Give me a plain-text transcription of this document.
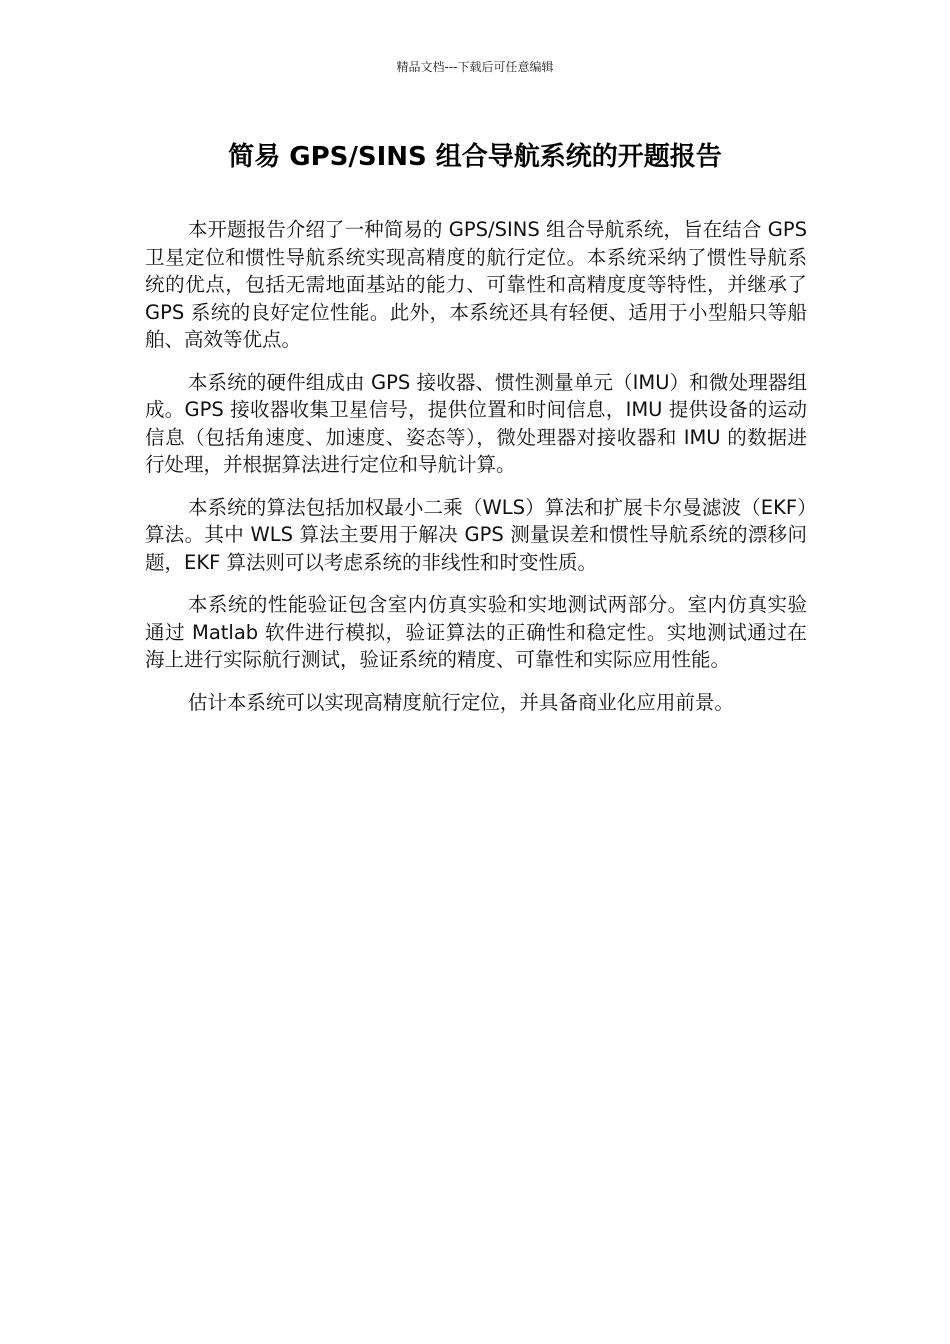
精品文档---下载后可任意编辑
简易 GPS/SINS 组合导航系统的开题报告

本开题报告介绍了一种简易的 GPS/SINS 组合导航系统，旨在结合 GPS 卫星定位和惯性导航系统实现高精度的航行定位。本系统采纳了惯性导航系统的优点，包括无需地面基站的能力、可靠性和高精度度等特性，并继承了 GPS 系统的良好定位性能。此外，本系统还具有轻便、适用于小型船只等船舶、高效等优点。

本系统的硬件组成由 GPS 接收器、惯性测量单元（IMU）和微处理器组成。GPS 接收器收集卫星信号，提供位置和时间信息，IMU 提供设备的运动信息（包括角速度、加速度、姿态等），微处理器对接收器和 IMU 的数据进行处理，并根据算法进行定位和导航计算。

本系统的算法包括加权最小二乘（WLS）算法和扩展卡尔曼滤波（EKF）算法。其中 WLS 算法主要用于解决 GPS 测量误差和惯性导航系统的漂移问题，EKF 算法则可以考虑系统的非线性和时变性质。

本系统的性能验证包含室内仿真实验和实地测试两部分。室内仿真实验通过 Matlab 软件进行模拟，验证算法的正确性和稳定性。实地测试通过在海上进行实际航行测试，验证系统的精度、可靠性和实际应用性能。

估计本系统可以实现高精度航行定位，并具备商业化应用前景。
